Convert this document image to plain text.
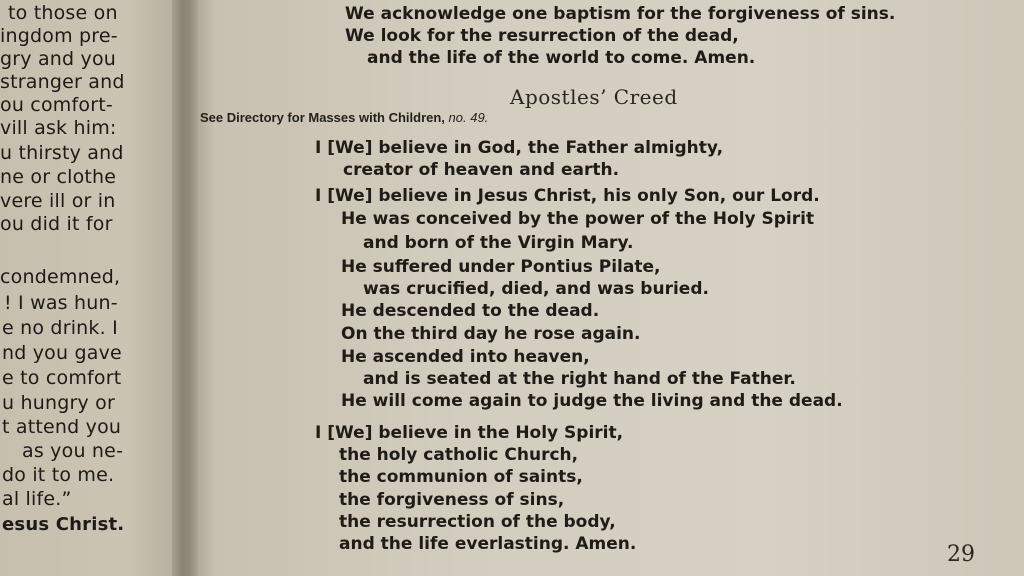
to those on
ingdom pre-
gry and you
stranger and
ou comfort-
vill ask him:
u thirsty and
ne or clothe
vere ill or in
ou did it for
condemned,
! I was hun-
e no drink. I
nd you gave
e to comfort
u hungry or
t attend you
as you ne-
do it to me.
al life.”
esus Christ.
We acknowledge one baptism for the forgiveness of sins.
We look for the resurrection of the dead,
and the life of the world to come. Amen.
Apostles’ Creed
See Directory for Masses with Children, no. 49.
I [We] believe in God, the Father almighty,
creator of heaven and earth.
I [We] believe in Jesus Christ, his only Son, our Lord.
He was conceived by the power of the Holy Spirit
and born of the Virgin Mary.
He suffered under Pontius Pilate,
was crucified, died, and was buried.
He descended to the dead.
On the third day he rose again.
He ascended into heaven,
and is seated at the right hand of the Father.
He will come again to judge the living and the dead.
I [We] believe in the Holy Spirit,
the holy catholic Church,
the communion of saints,
the forgiveness of sins,
the resurrection of the body,
and the life everlasting. Amen.	29
